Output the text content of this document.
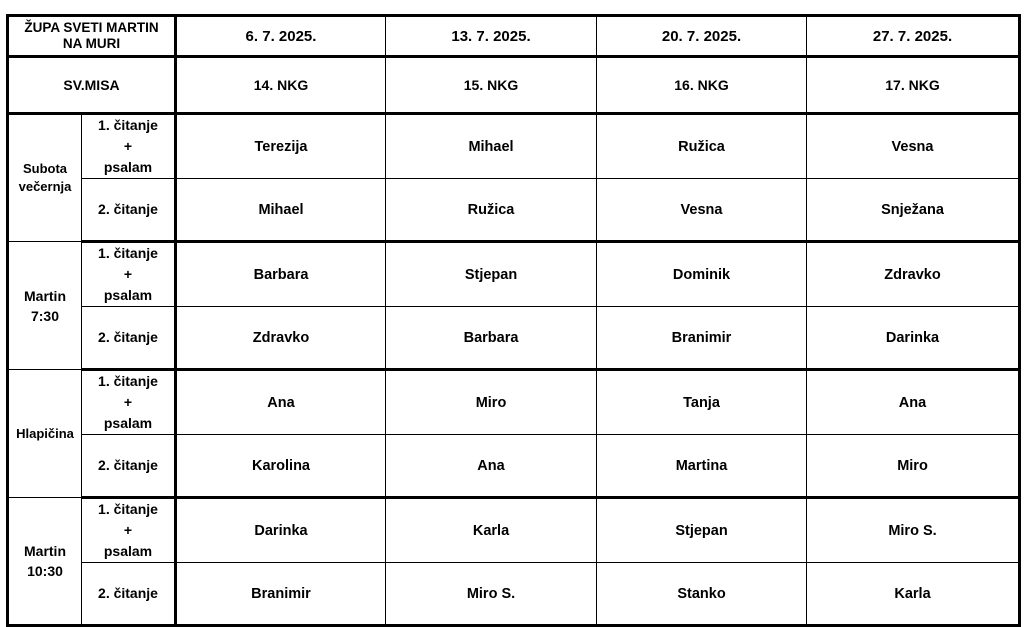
ŽUPA SVETI MARTIN
NA MURI		6. 7. 2025.	13. 7. 2025.	20. 7. 2025.	27. 7. 2025.
SV.MISA		14. NKG	15. NKG	16. NKG	17. NKG

Subota
večernja	1. čitanje
+
psalam	Terezija	Mihael	Ružica	Vesna
	2. čitanje	Mihael	Ružica	Vesna	Snježana

Martin
7:30	1. čitanje
+
psalam	Barbara	Stjepan	Dominik	Zdravko
	2. čitanje	Zdravko	Barbara	Branimir	Darinka

Hlapičina	1. čitanje
+
psalam	Ana	Miro	Tanja	Ana
	2. čitanje	Karolina	Ana	Martina	Miro

Martin
10:30	1. čitanje
+
psalam	Darinka	Karla	Stjepan	Miro S.
	2. čitanje	Branimir	Miro S.	Stanko	Karla
